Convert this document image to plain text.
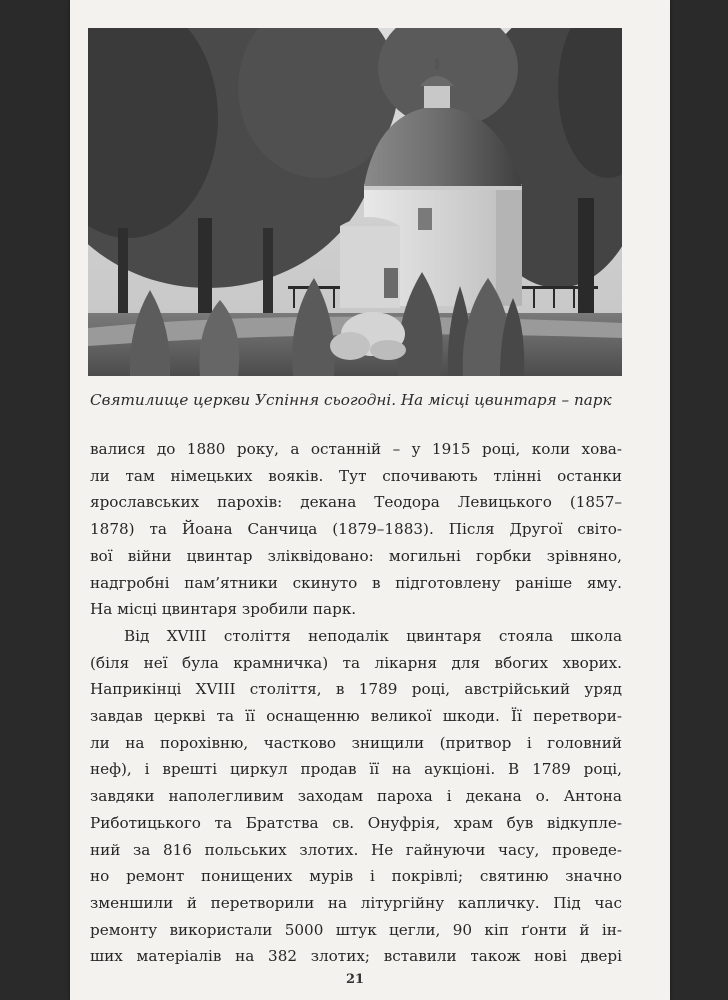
Святилище церкви Успіння сьогодні. На місці цвинтаря – парк
валися до 1880 року, а останній – у 1915 році, коли хова-
ли там німецьких вояків. Тут спочивають тлінні останки
ярославських парохів: декана Теодора Левицького (1857–
1878) та Йоана Санчица (1879–1883). Після Другої світо-
вої війни цвинтар зліквідовано: могильні горбки зрівняно,
надгробні пам’ятники скинуто в підготовлену раніше яму.
На місці цвинтаря зробили парк.
Від XVIII століття неподалік цвинтаря стояла школа
(біля неї була крамничка) та лікарня для вбогих хворих.
Наприкінці XVIII століття, в 1789 році, австрійський уряд
завдав церкві та її оснащенню великої шкоди. Її перетвори-
ли на порохівню, частково знищили (притвор і головний
неф), і врешті циркул продав її на аукціоні. В 1789 році,
завдяки наполегливим заходам пароха і декана о. Антона
Риботицького та Братства св. Онуфрія, храм був відкупле-
ний за 816 польських злотих. Не гайнуючи часу, проведе-
но ремонт понищених мурів і покрівлі; святиню значно
зменшили й перетворили на літургійну капличку. Під час
ремонту використали 5000 штук цегли, 90 кіп ґонти й ін-
ших матеріалів на 382 злотих; вставили також нові двері
21
